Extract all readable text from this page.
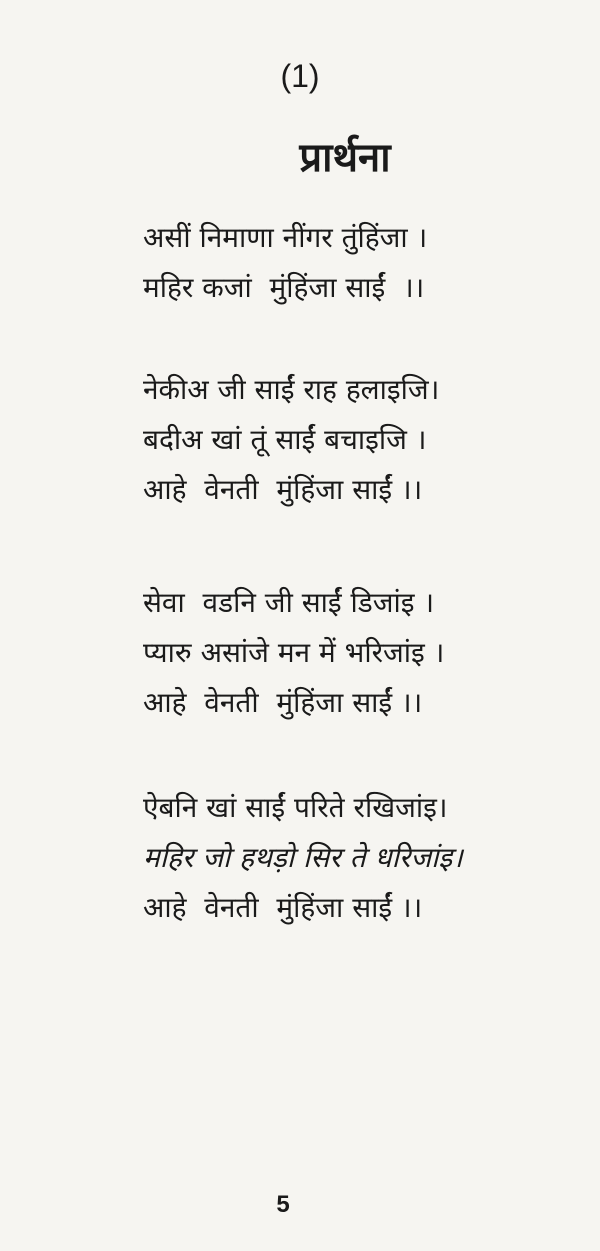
(1)
प्रार्थना
असीं निमाणा नींगर तुंहिंजा ।
महिर कजां  मुंहिंजा साईं  ।।
नेकीअ जी साईं राह हलाइजि।
बदीअ खां तूं साईं बचाइजि ।
आहे  वेनती  मुंहिंजा साईं ।।
सेवा  वडनि जी साईं डिजांइ ।
प्यारु असांजे मन में भरिजांइ ।
आहे  वेनती  मुंहिंजा साईं ।।
ऐबनि खां साईं परिते रखिजांइ।
महिर जो हथड़ो सिर ते धरिजांइ।
आहे  वेनती  मुंहिंजा साईं ।।
5
